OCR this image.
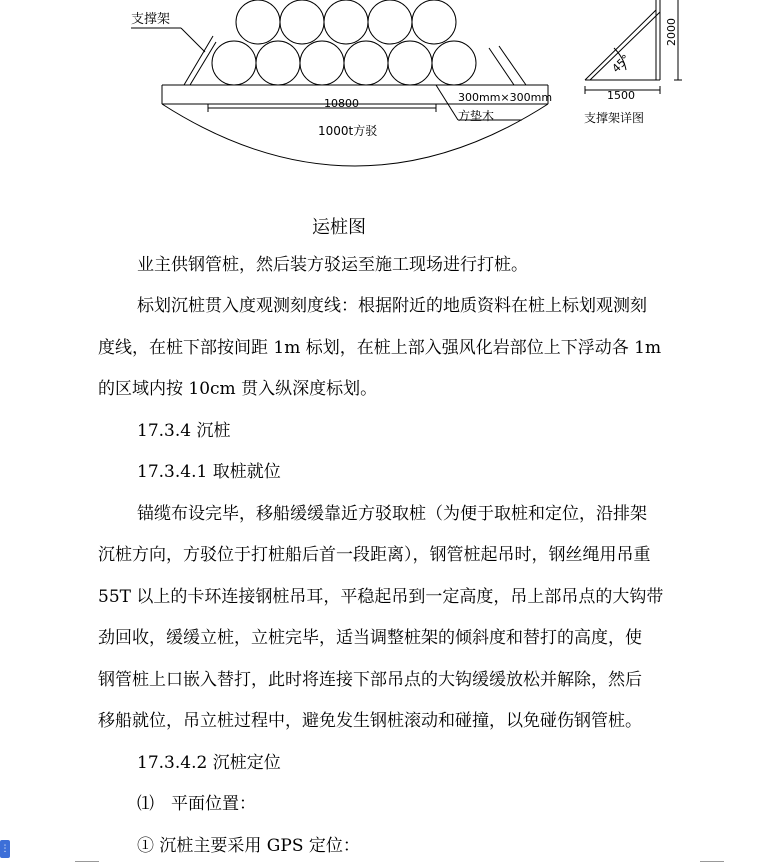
支撑架
10800
1000t方驳
300mm×300mm
方垫木
45°
1500
支撑架详图
2000
运桩图
业主供钢管桩，然后装方驳运至施工现场进行打桩。
标划沉桩贯入度观测刻度线：根据附近的地质资料在桩上标划观测刻
度线，在桩下部按间距 1m 标划，在桩上部入强风化岩部位上下浮动各 1m
的区域内按 10cm 贯入纵深度标划。
17.3.4 沉桩
17.3.4.1 取桩就位
锚缆布设完毕，移船缓缓靠近方驳取桩（为便于取桩和定位，沿排架
沉桩方向，方驳位于打桩船后首一段距离），钢管桩起吊时，钢丝绳用吊重
55T 以上的卡环连接钢桩吊耳，平稳起吊到一定高度，吊上部吊点的大钩带
劲回收，缓缓立桩，立桩完毕，适当调整桩架的倾斜度和替打的高度，使
钢管桩上口嵌入替打，此时将连接下部吊点的大钩缓缓放松并解除，然后
移船就位，吊立桩过程中，避免发生钢桩滚动和碰撞，以免碰伤钢管桩。
17.3.4.2 沉桩定位
⑴　平面位置：
① 沉桩主要采用 GPS 定位：
⋮
